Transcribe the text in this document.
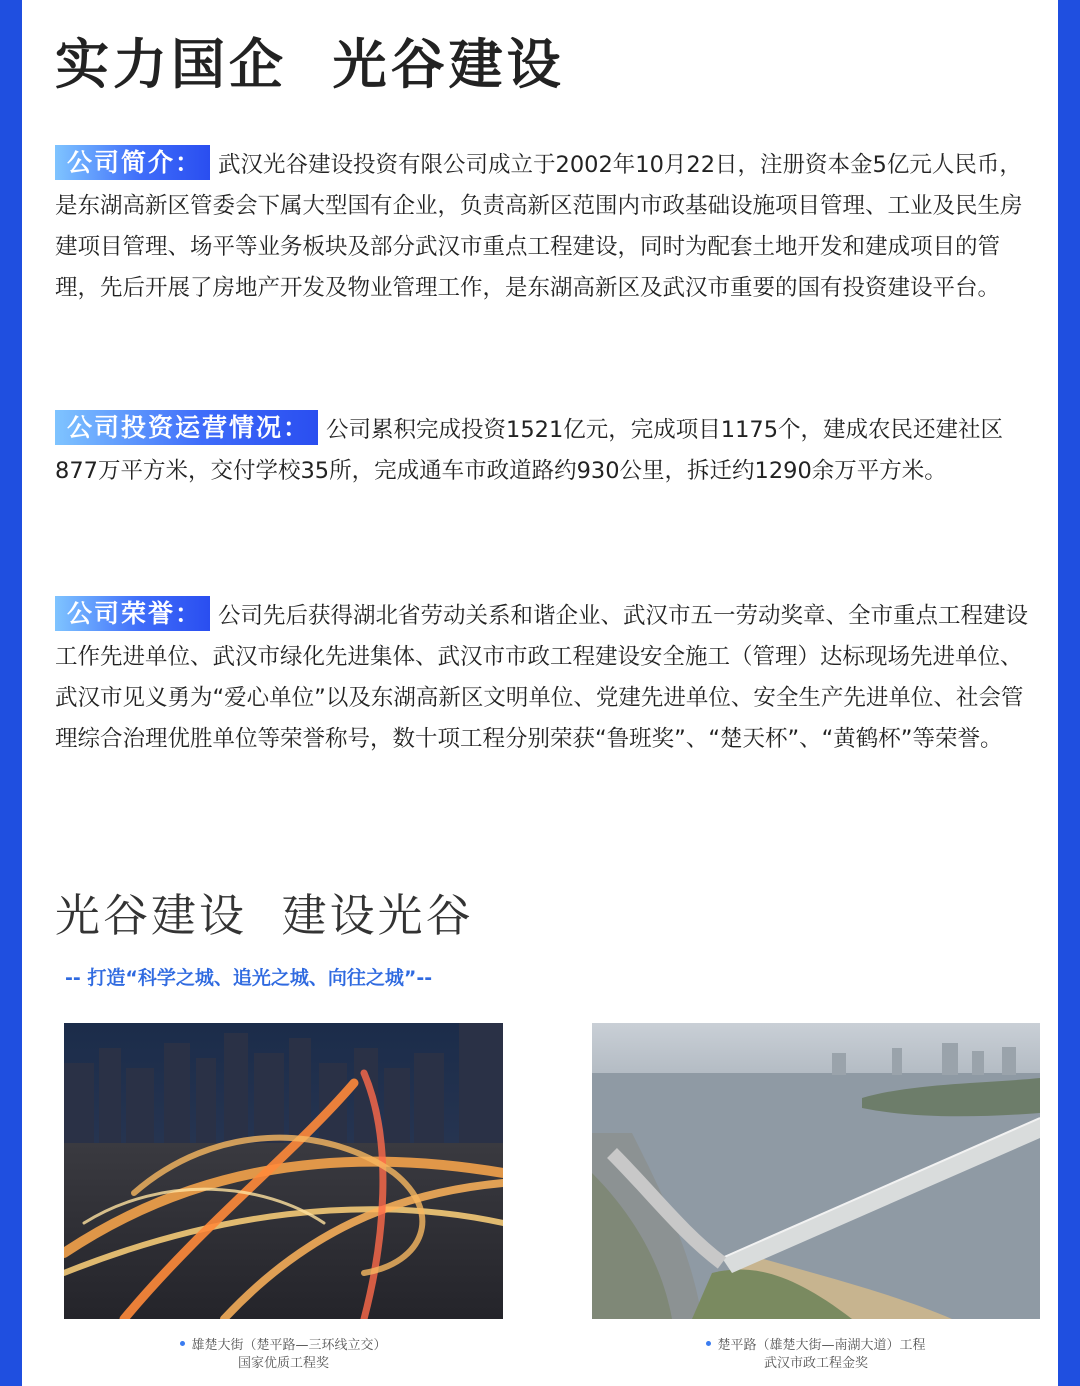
实力国企  光谷建设
公司简介： 武汉光谷建设投资有限公司成立于2002年10月22日，注册资本金5亿元人民币，是东湖高新区管委会下属大型国有企业，负责高新区范围内市政基础设施项目管理、工业及民生房建项目管理、场平等业务板块及部分武汉市重点工程建设，同时为配套土地开发和建成项目的管理，先后开展了房地产开发及物业管理工作，是东湖高新区及武汉市重要的国有投资建设平台。
公司投资运营情况： 公司累积完成投资1521亿元，完成项目1175个，建成农民还建社区877万平方米，交付学校35所，完成通车市政道路约930公里，拆迁约1290余万平方米。
公司荣誉： 公司先后获得湖北省劳动关系和谐企业、武汉市五一劳动奖章、全市重点工程建设工作先进单位、武汉市绿化先进集体、武汉市市政工程建设安全施工（管理）达标现场先进单位、武汉市见义勇为“爱心单位”以及东湖高新区文明单位、党建先进单位、安全生产先进单位、社会管理综合治理优胜单位等荣誉称号，数十项工程分别荣获“鲁班奖”、“楚天杯”、“黄鹤杯”等荣誉。
光谷建设  建设光谷
-- 打造“科学之城、追光之城、向往之城”--
雄楚大街（楚平路—三环线立交）
国家优质工程奖
楚平路（雄楚大街—南湖大道）工程
武汉市政工程金奖
